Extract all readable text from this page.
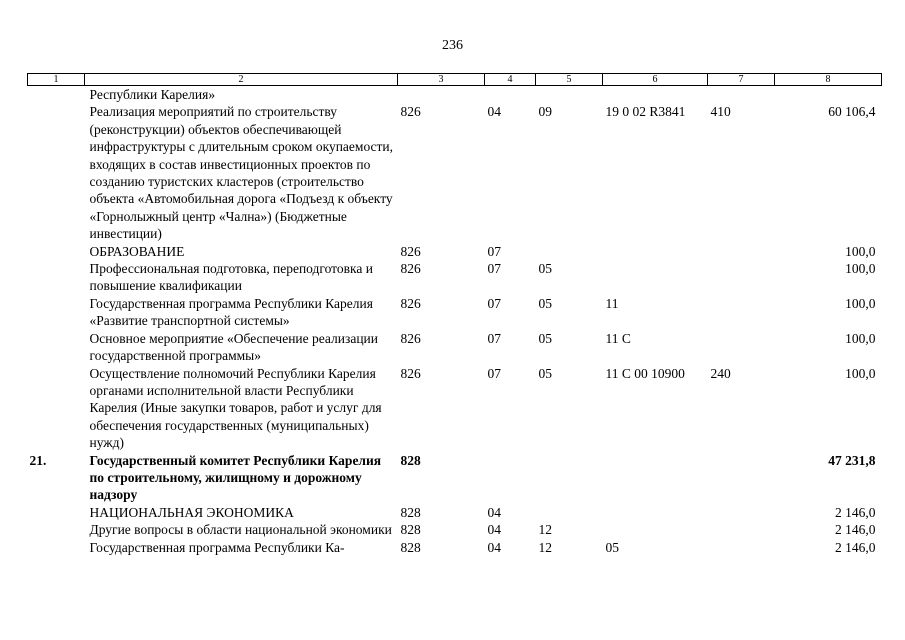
236
1	2	3	4	5	6	7	8
	Республики Карелия»						
	Реализация мероприятий по строительству (реконструкции) объектов обеспечивающей инфраструктуры с длительным сроком окупаемости, входящих в состав инвестиционных проектов по созданию туристских кластеров (строительство объекта «Автомобильная дорога «Подъезд к объекту «Горнолыжный центр «Чална») (Бюджетные инвестиции)	826	04	09	19 0 02 R3841	410	60 106,4
	ОБРАЗОВАНИЕ	826	07				100,0
	Профессиональная подготовка, переподготовка и повышение квалификации	826	07	05			100,0
	Государственная программа Республики Карелия «Развитие транспортной системы»	826	07	05	11		100,0
	Основное мероприятие «Обеспечение реализации государственной программы»	826	07	05	11 С		100,0
	Осуществление полномочий Республики Карелия органами исполнительной власти Республики Карелия (Иные закупки товаров, работ и услуг для обеспечения государственных (муниципальных) нужд)	826	07	05	11 С 00 10900	240	100,0
21.	Государственный комитет Республики Карелия по строительному, жилищному и дорожному надзору	828					47 231,8
	НАЦИОНАЛЬНАЯ ЭКОНОМИКА	828	04				2 146,0
	Другие вопросы в области национальной экономики	828	04	12			2 146,0
	Государственная программа Республики Ка-	828	04	12	05		2 146,0
